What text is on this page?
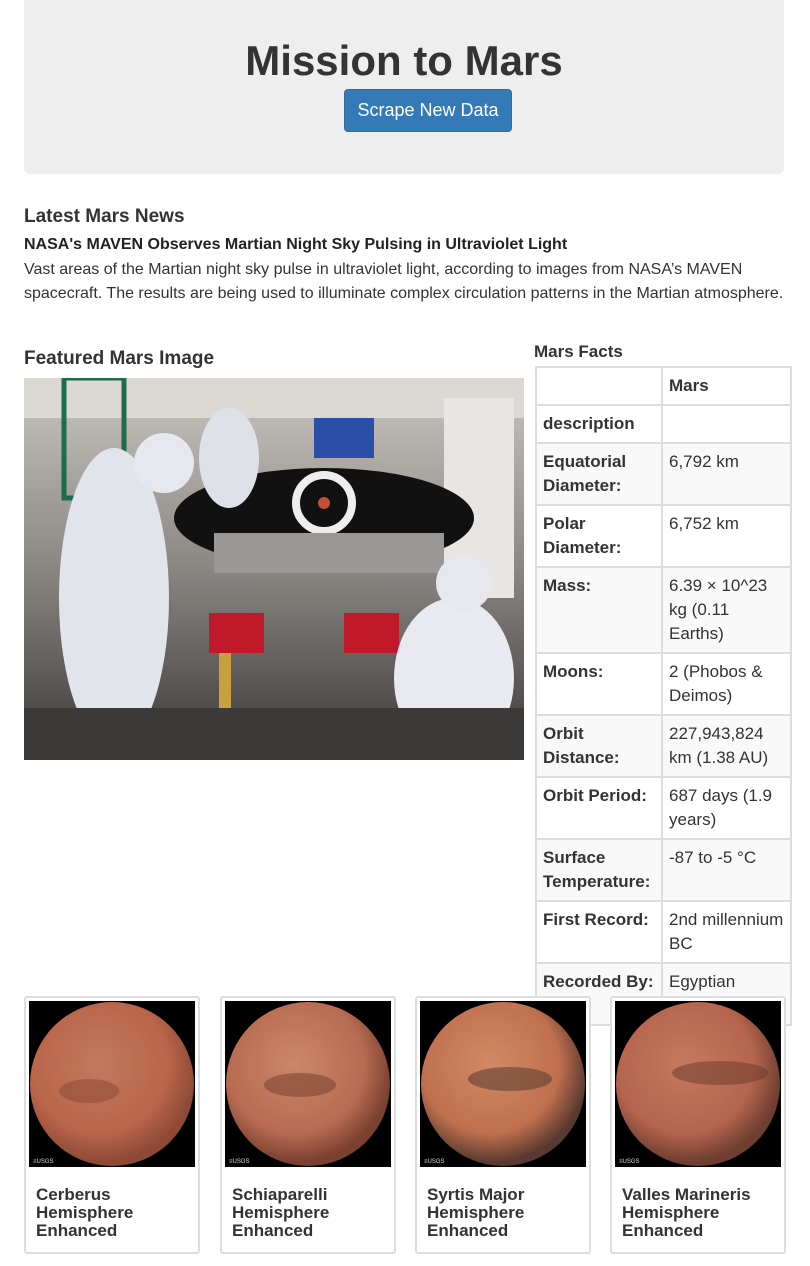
Mission to Mars
Scrape New Data
Latest Mars News
NASA's MAVEN Observes Martian Night Sky Pulsing in Ultraviolet Light
Vast areas of the Martian night sky pulse in ultraviolet light, according to images from NASA’s MAVEN spacecraft. The results are being used to illuminate complex circulation patterns in the Martian atmosphere.
Featured Mars Image	Mars Facts
	Mars
description	
Equatorial Diameter:	6,792 km
Polar Diameter:	6,752 km
Mass:	6.39 × 10^23 kg (0.11 Earths)
Moons:	2 (Phobos & Deimos)
Orbit Distance:	227,943,824 km (1.38 AU)
Orbit Period:	687 days (1.9 years)
Surface Temperature:	-87 to -5 °C
First Record:	2nd millennium BC
Recorded By:	Egyptian
≡USGS
Cerberus Hemisphere Enhanced
≡USGS
Schiaparelli Hemisphere Enhanced
≡USGS
Syrtis Major Hemisphere Enhanced
≡USGS
Valles Marineris Hemisphere Enhanced
